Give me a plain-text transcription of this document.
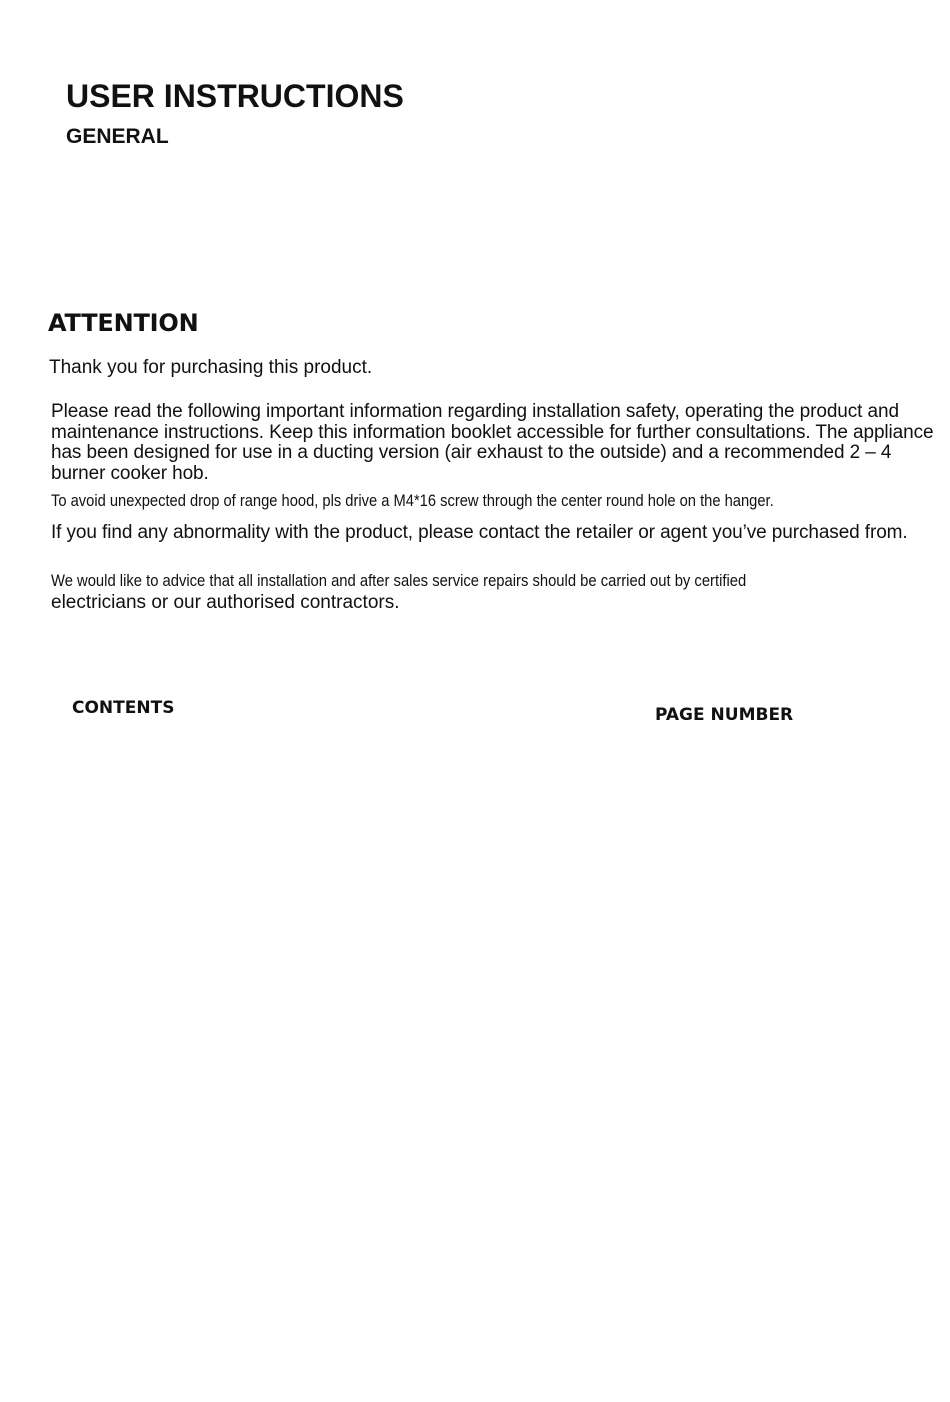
USER INSTRUCTIONS
GENERAL
ATTENTION

Thank you for purchasing this product.

Please read the following important information regarding installation safety, operating the product and maintenance instructions. Keep this information booklet accessible for further consultations. The appliance has been designed for use in a ducting version (air exhaust to the outside) and a recommended 2 – 4 burner cooker hob.

To avoid unexpected drop of range hood, pls drive a M4*16 screw through the center round hole on the hanger.

If you find any abnormality with the product, please contact the retailer or agent you’ve purchased from.

We would like to advice that all installation and after sales service repairs should be carried out by certified

electricians or our authorised contractors.

CONTENTS	PAGE NUMBER
